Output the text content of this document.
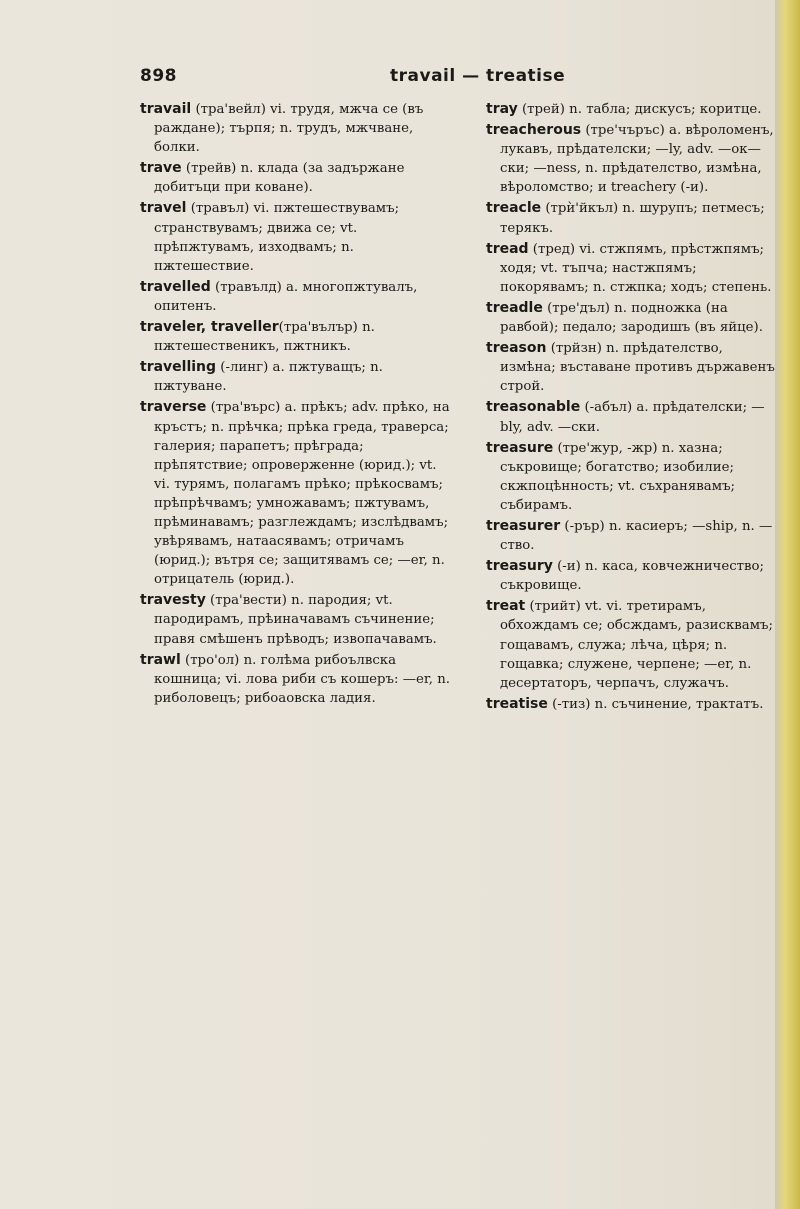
898	travail — treatise

travail (тра'вейл) vi. трудя, мжча се (въ раждане); търпя; n. трудъ, мжчване, болки.

trave (трейв) n. клада (за задържане добитъци при коване).

travel (травъл) vi. пжтешествувамъ; странствувамъ; движа се; vt. прѣпжтувамъ, изходвамъ; n. пжтешествие.

travelled (травълд) a. многопжтувалъ, опитенъ.

traveler, traveller(тра'вълър) n. пжтешественикъ, пжтникъ.

travelling (-линг) a. пжтуващъ; n. пжтуване.

traverse (тра'върс) a. прѣкъ; adv. прѣко, на кръстъ; n. прѣчка; прѣка греда, траверса; галерия; парапетъ; прѣграда; прѣпятствие; опроверженне (юрид.); vt. vi. турямъ, полагамъ прѣко; прѣкосвамъ; прѣпрѣчвамъ; умножавамъ; пжтувамъ, прѣминавамъ; разглеждамъ; изслѣдвамъ; увѣрявамъ, натаасявамъ; отричамъ (юрид.); вътря се; защитявамъ се; —er, n. отрицатель (юрид.).

travesty (тра'вести) n. пародия; vt. пародирамъ, прѣиначавамъ съчинение; правя смѣшенъ прѣводъ; извопачавамъ.

trawl (тро'ол) n. голѣма рибоълвска кошница; vi. лова риби съ кошеръ: —er, n. риболовецъ; рибоаовска ладия.

tray (трей) n. табла; дискусъ; коритце.

treacherous (тре'чъръс) a. вѣроломенъ, лукавъ, прѣдателски; —ly, adv. —ок—ски; —ness, n. прѣдателство, измѣна, вѣроломство; и treachery (-и).

treacle (трѝ'йкъл) n. шурупъ; петмесъ; терякъ.

tread (тред) vi. стжпямъ, прѣстжпямъ; ходя; vt. тъпча; настжпямъ; покорявамъ; n. стжпка; ходъ; степень.

treadle (тре'дъл) n. подножка (на равбой); педало; зародишъ (въ яйце).

treason (трйзн) n. прѣдателство, измѣна; въставане противъ държавенъ строй.

treasonable (-абъл) a. прѣдателски; —bly, adv. —ски.

treasure (тре'жур, -жр) n. хазна; съкровище; богатство; изобилие; скжпоцѣнность; vt. съхранявамъ; събирамъ.

treasurer (-ръp) n. касиеръ; —ship, n. —ство.

treasury (-и) n. каса, ковчежничество; съкровище.

treat (трийт) vt. vi. третирамъ, обхождамъ се; обсждамъ, разисквамъ; гощавамъ, служа; лѣча, цѣря; n. гощавка; служене, черпене; —er, n. десертаторъ, черпачъ, служачъ.

treatise (-тиз) n. съчинение, трактатъ.
